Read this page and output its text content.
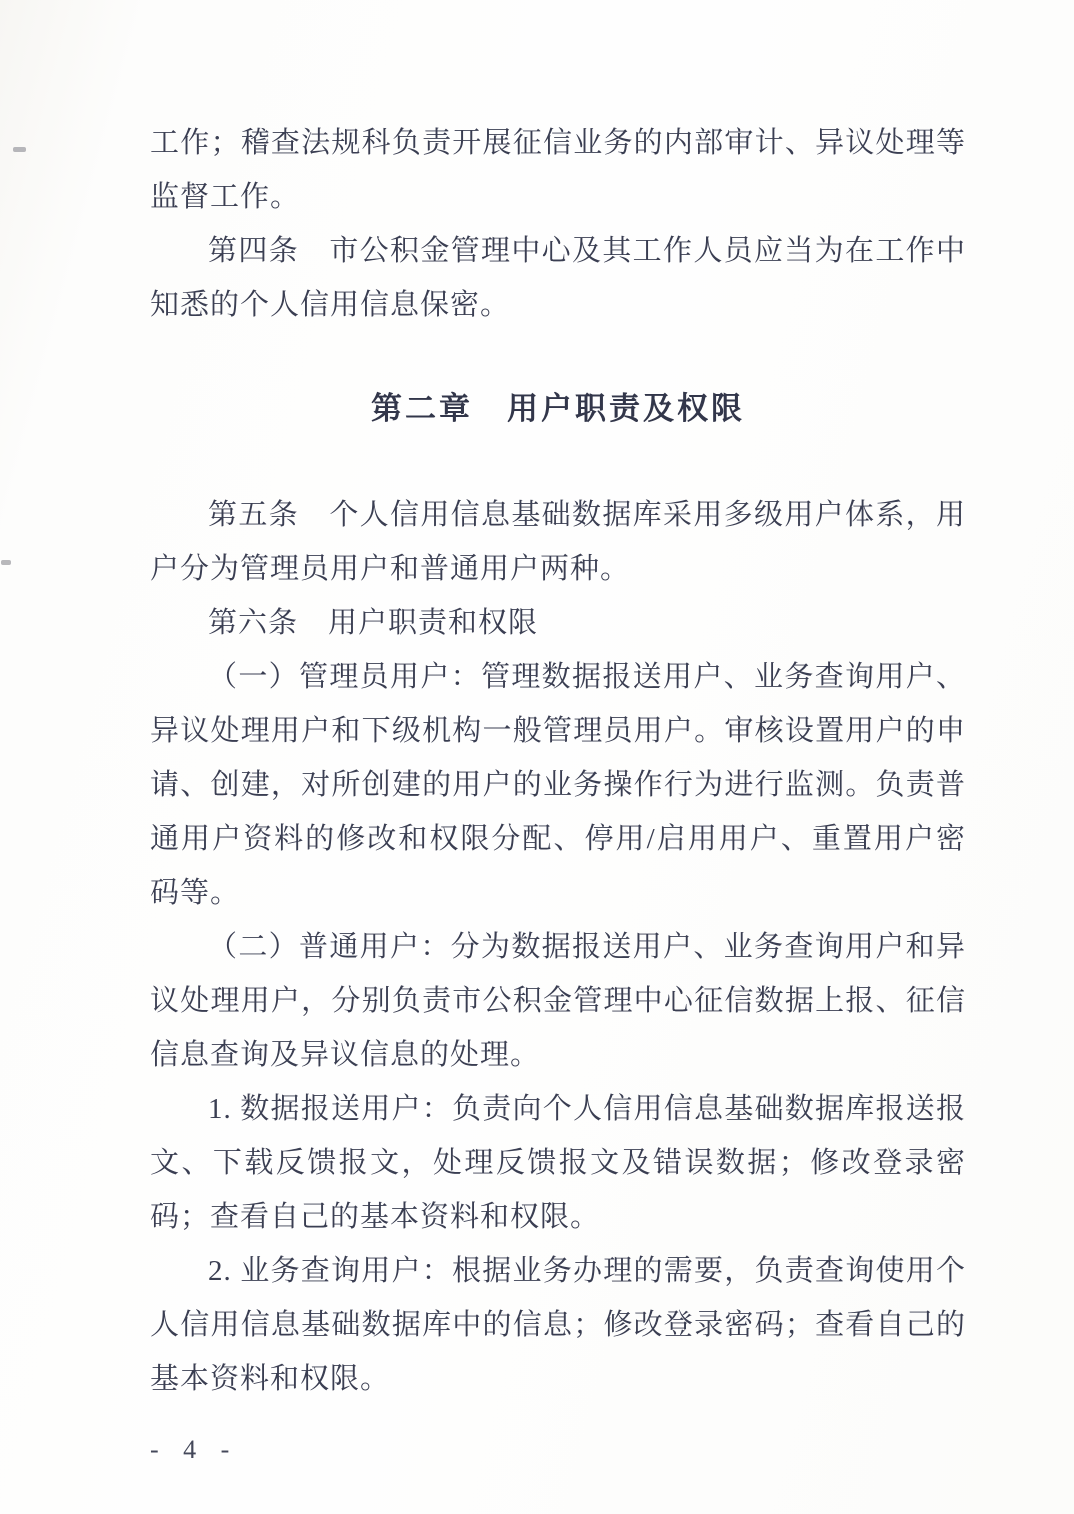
工作；稽查法规科负责开展征信业务的内部审计、异议处理等监督工作。

第四条　市公积金管理中心及其工作人员应当为在工作中知悉的个人信用信息保密。

第二章　用户职责及权限

第五条　个人信用信息基础数据库采用多级用户体系，用户分为管理员用户和普通用户两种。

第六条　用户职责和权限

（一）管理员用户：管理数据报送用户、业务查询用户、异议处理用户和下级机构一般管理员用户。审核设置用户的申请、创建，对所创建的用户的业务操作行为进行监测。负责普通用户资料的修改和权限分配、停用/启用用户、重置用户密码等。

（二）普通用户：分为数据报送用户、业务查询用户和异议处理用户，分别负责市公积金管理中心征信数据上报、征信信息查询及异议信息的处理。

1. 数据报送用户：负责向个人信用信息基础数据库报送报文、下载反馈报文，处理反馈报文及错误数据；修改登录密码；查看自己的基本资料和权限。

2. 业务查询用户：根据业务办理的需要，负责查询使用个人信用信息基础数据库中的信息；修改登录密码；查看自己的基本资料和权限。

- 4 -
